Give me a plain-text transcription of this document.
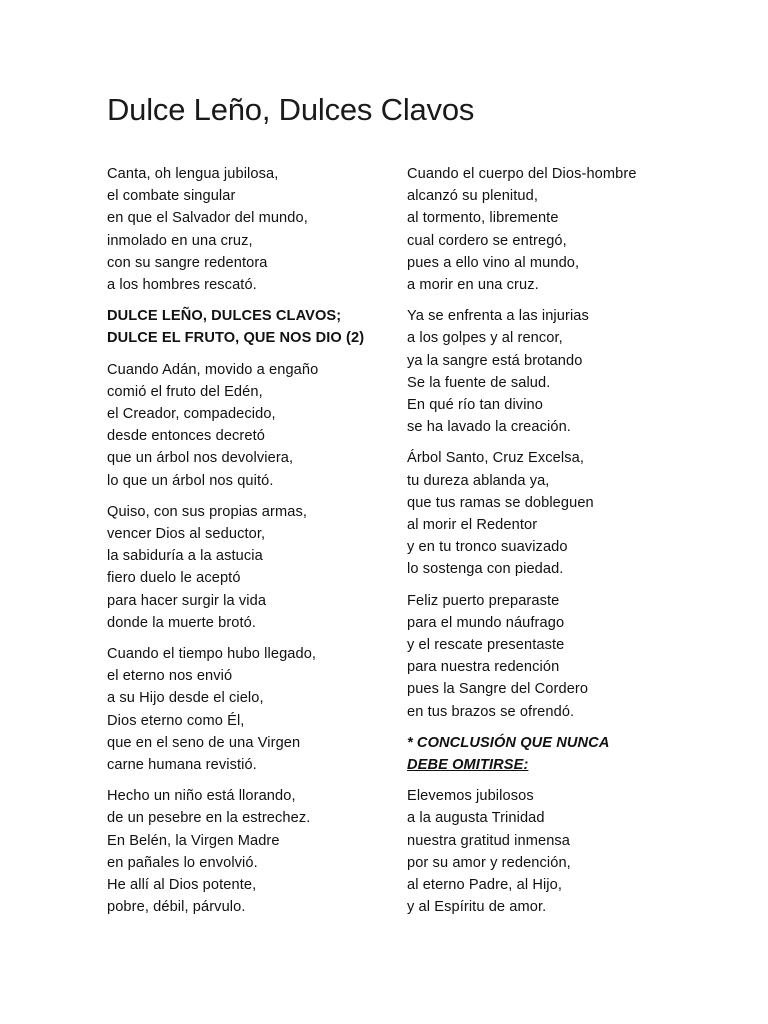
Dulce Leño, Dulces Clavos
Canta, oh lengua jubilosa,
el combate singular
en que el Salvador del mundo,
inmolado en una cruz,
con su sangre redentora
a los hombres rescató.
DULCE LEÑO, DULCES CLAVOS;
DULCE EL FRUTO, QUE NOS DIO (2)
Cuando Adán, movido a engaño
comió el fruto del Edén,
el Creador, compadecido,
desde entonces decretó
que un árbol nos devolviera,
lo que un árbol nos quitó.
Quiso, con sus propias armas,
vencer Dios al seductor,
la sabiduría a la astucia
fiero duelo le aceptó
para hacer surgir la vida
donde la muerte brotó.
Cuando el tiempo hubo llegado,
el eterno nos envió
a su Hijo desde el cielo,
Dios eterno como Él,
que en el seno de una Virgen
carne humana revistió.
Hecho un niño está llorando,
de un pesebre en la estrechez.
En Belén, la Virgen Madre
en pañales lo envolvió.
He allí al Dios potente,
pobre, débil, párvulo.
Cuando el cuerpo del Dios-hombre
alcanzó su plenitud,
al tormento, libremente
cual cordero se entregó,
pues a ello vino al mundo,
a morir en una cruz.
Ya se enfrenta a las injurias
a los golpes y al rencor,
ya la sangre está brotando
Se la fuente de salud.
En qué río tan divino
se ha lavado la creación.
Árbol Santo, Cruz Excelsa,
tu dureza ablanda ya,
que tus ramas se dobleguen
al morir el Redentor
y en tu tronco suavizado
lo sostenga con piedad.
Feliz puerto preparaste
para el mundo náufrago
y el rescate presentaste
para nuestra redención
pues la Sangre del Cordero
en tus brazos se ofrendó.
* CONCLUSIÓN QUE NUNCA
DEBE OMITIRSE:
Elevemos jubilosos
a la augusta Trinidad
nuestra gratitud inmensa
por su amor y redención,
al eterno Padre, al Hijo,
y al Espíritu de amor.
